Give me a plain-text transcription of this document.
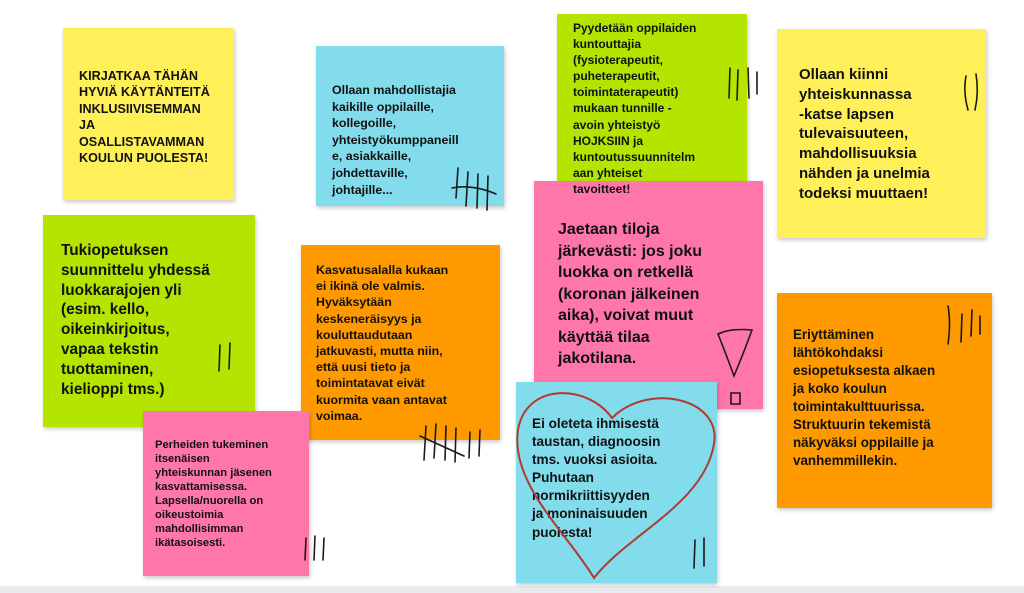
KIRJATKAA TÄHÄN
HYVIÄ KÄYTÄNTEITÄ
INKLUSIIVISEMMAN
JA
OSALLISTAVAMMAN
KOULUN PUOLESTA!
Ollaan mahdollistajia
kaikille oppilaille,
kollegoille,
yhteistyökumppaneill
e, asiakkaille,
johdettaville,
johtajille...
Pyydetään oppilaiden
kuntouttajia
(fysioterapeutit,
puheterapeutit,
toimintaterapeutit)
mukaan tunnille -
avoin yhteistyö
HOJKSIIN ja
kuntoutussuunnitelm
aan yhteiset
tavoitteet!
Ollaan kiinni
yhteiskunnassa
-katse lapsen
tulevaisuuteen,
mahdollisuuksia
nähden ja unelmia
todeksi muuttaen!
Tukiopetuksen
suunnittelu yhdessä
luokkarajojen yli
(esim. kello,
oikeinkirjoitus,
vapaa tekstin
tuottaminen,
kielioppi tms.)
Kasvatusalalla kukaan
ei ikinä ole valmis.
Hyväksytään
keskeneräisyys ja
kouluttaudutaan
jatkuvasti, mutta niin,
että uusi tieto ja
toimintatavat eivät
kuormita vaan antavat
voimaa.
Jaetaan tiloja
järkevästi: jos joku
luokka on retkellä
(koronan jälkeinen
aika), voivat muut
käyttää tilaa
jakotilana.
Eriyttäminen
lähtökohdaksi
esiopetuksesta alkaen
ja koko koulun
toimintakulttuurissa.
Struktuurin tekemistä
näkyväksi oppilaille ja
vanhemmillekin.
Perheiden tukeminen
itsenäisen
yhteiskunnan jäsenen
kasvattamisessa.
Lapsella/nuorella on
oikeustoimia
mahdollisimman
ikätasoisesti.
Ei oleteta ihmisestä
taustan, diagnoosin
tms. vuoksi asioita.
Puhutaan
normikriittisyyden
ja moninaisuuden
puolesta!
